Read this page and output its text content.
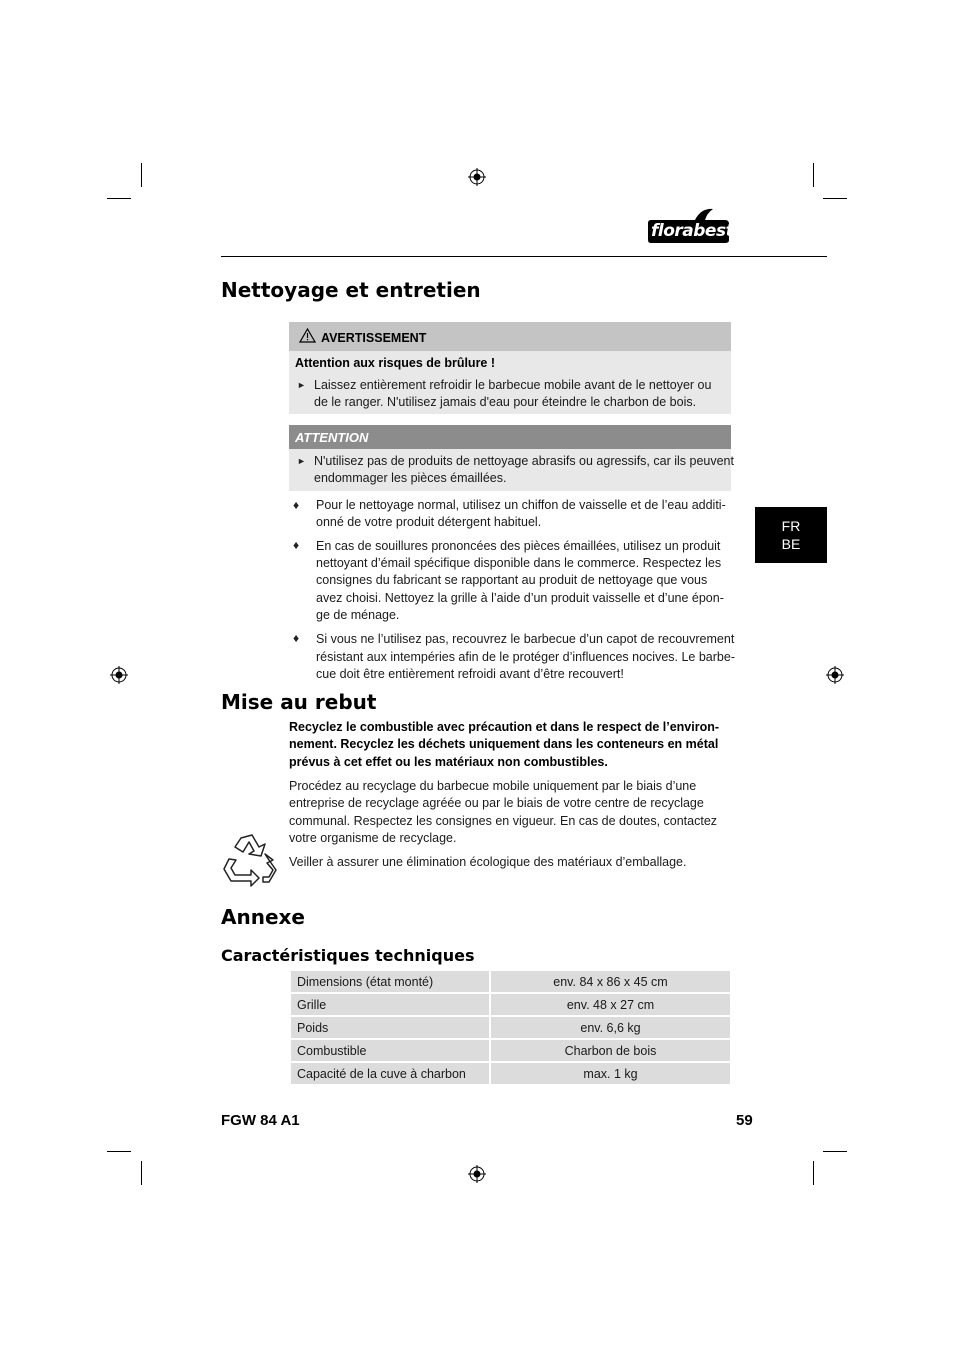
florabest
Nettoyage et entretien
AVERTISSEMENT
Attention aux risques de brûlure !
► Laissez entièrement refroidir le barbecue mobile avant de le nettoyer ou
de le ranger. N'utilisez jamais d'eau pour éteindre le charbon de bois.
ATTENTION
► N'utilisez pas de produits de nettoyage abrasifs ou agressifs, car ils peuvent
endommager les pièces émaillées.
♦ Pour le nettoyage normal, utilisez un chiffon de vaisselle et de l’eau additi-
onné de votre produit détergent habituel.
♦ En cas de souillures prononcées des pièces émaillées, utilisez un produit
nettoyant d’émail spécifique disponible dans le commerce. Respectez les
consignes du fabricant se rapportant au produit de nettoyage que vous
avez choisi. Nettoyez la grille à l’aide d’un produit vaisselle et d’une épon-
ge de ménage.
♦ Si vous ne l’utilisez pas, recouvrez le barbecue d’un capot de recouvrement
résistant aux intempéries afin de le protéger d’influences nocives. Le barbe-
cue doit être entièrement refroidi avant d’être recouvert!
FR
BE
Mise au rebut
Recyclez le combustible avec précaution et dans le respect de l’environ-
nement. Recyclez les déchets uniquement dans les conteneurs en métal
prévus à cet effet ou les matériaux non combustibles.
Procédez au recyclage du barbecue mobile uniquement par le biais d’une
entreprise de recyclage agréée ou par le biais de votre centre de recyclage
communal. Respectez les consignes en vigueur. En cas de doutes, contactez
votre organisme de recyclage.
Veiller à assurer une élimination écologique des matériaux d’emballage.
Annexe
Caractéristiques techniques
Dimensions (état monté)	env. 84 x 86 x 45 cm
Grille	env. 48 x 27 cm
Poids	env. 6,6 kg
Combustible	Charbon de bois
Capacité de la cuve à charbon	max. 1 kg
FGW 84 A1	59
